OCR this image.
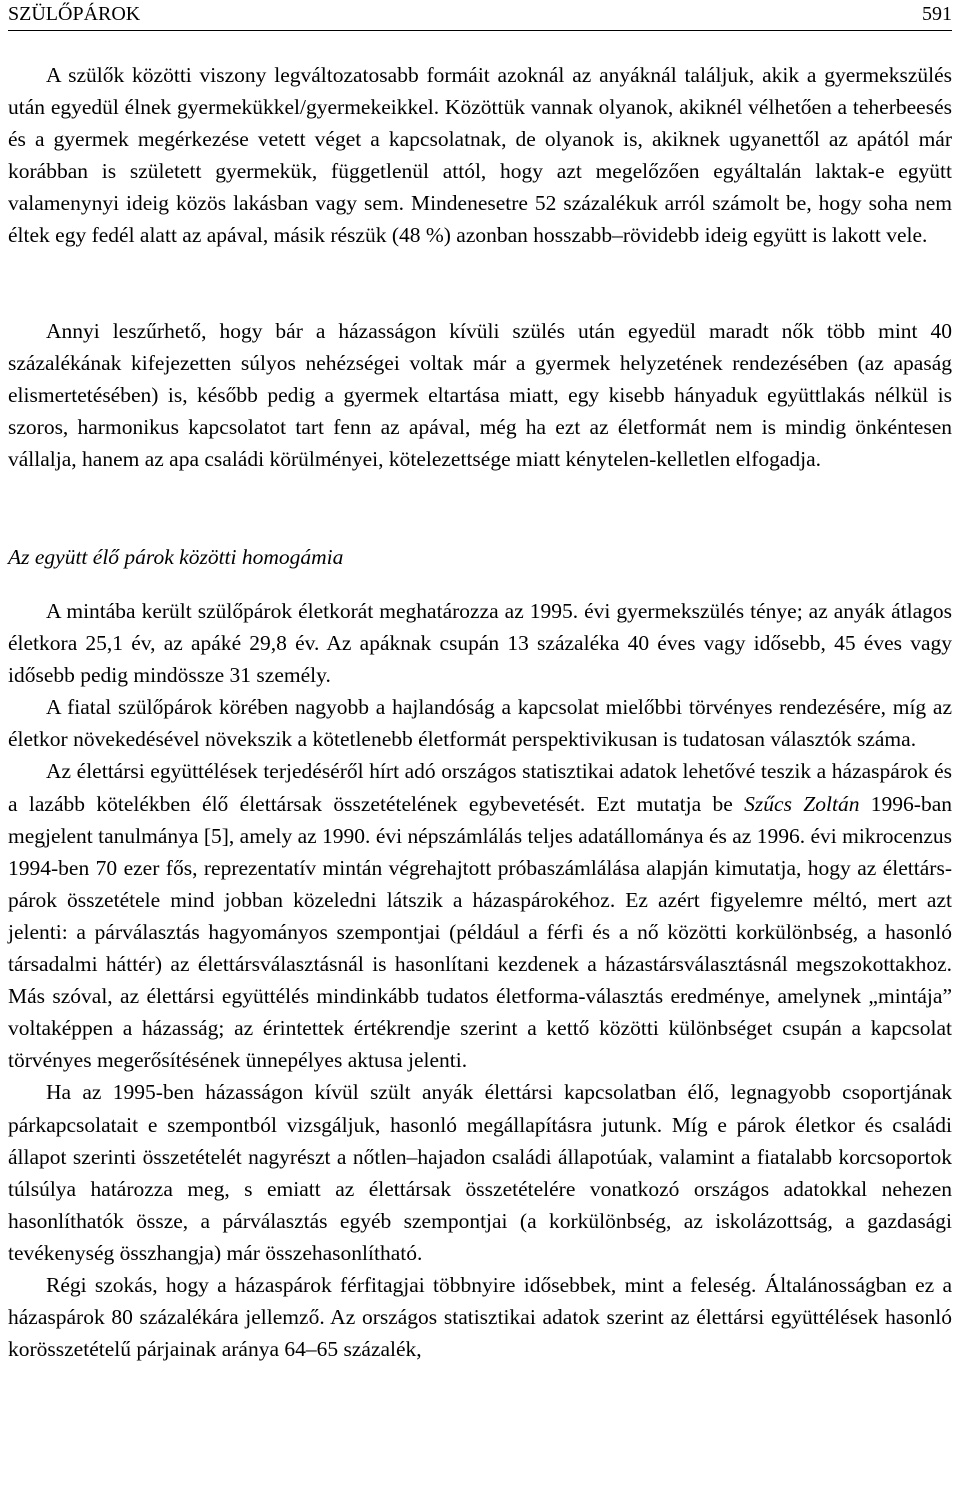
SZÜLŐPÁROK	591

A szülők közötti viszony legváltozatosabb formáit azoknál az anyáknál találjuk, akik a gyermekszülés után egyedül élnek gyermekükkel/gyermekeikkel. Közöttük vannak olyanok, akiknél vélhetően a teherbeesés és a gyermek megérkezése vetett véget a kapcsolatnak, de olyanok is, akiknek ugyanettől az apától már korábban is született gyermekük, függetlenül attól, hogy azt megelőzően egyáltalán laktak-e együtt valamenynyi ideig közös lakásban vagy sem. Mindenesetre 52 százalékuk arról számolt be, hogy soha nem éltek egy fedél alatt az apával, másik részük (48 %) azonban hosszabb–rövidebb ideig együtt is lakott vele.

Annyi leszűrhető, hogy bár a házasságon kívüli szülés után egyedül maradt nők több mint 40 százalékának kifejezetten súlyos nehézségei voltak már a gyermek helyzetének rendezésében (az apaság elismertetésében) is, később pedig a gyermek eltartása miatt, egy kisebb hányaduk együttlakás nélkül is szoros, harmonikus kapcsolatot tart fenn az apával, még ha ezt az életformát nem is mindig önkéntesen vállalja, hanem az apa családi körülményei, kötelezettsége miatt kénytelen-kelletlen elfogadja.

Az együtt élő párok közötti homogámia

A mintába került szülőpárok életkorát meghatározza az 1995. évi gyermekszülés ténye; az anyák átlagos életkora 25,1 év, az apáké 29,8 év. Az apáknak csupán 13 százaléka 40 éves vagy idősebb, 45 éves vagy idősebb pedig mindössze 31 személy.

A fiatal szülőpárok körében nagyobb a hajlandóság a kapcsolat mielőbbi törvényes rendezésére, míg az életkor növekedésével növekszik a kötetlenebb életformát perspektivikusan is tudatosan választók száma.

Az élettársi együttélések terjedéséről hírt adó országos statisztikai adatok lehetővé teszik a házaspárok és a lazább kötelékben élő élettársak összetételének egybevetését. Ezt mutatja be Szűcs Zoltán 1996-ban megjelent tanulmánya [5], amely az 1990. évi népszámlálás teljes adatállománya és az 1996. évi mikrocenzus 1994-ben 70 ezer fős, reprezentatív mintán végrehajtott próbaszámlálása alapján kimutatja, hogy az élettárspárok összetétele mind jobban közeledni látszik a házaspárokéhoz. Ez azért figyelemre méltó, mert azt jelenti: a párválasztás hagyományos szempontjai (például a férfi és a nő közötti korkülönbség, a hasonló társadalmi háttér) az élettársválasztásnál is hasonlítani kezdenek a házastársválasztásnál megszokottakhoz. Más szóval, az élettársi együttélés mindinkább tudatos életforma-választás eredménye, amelynek „mintája” voltaképpen a házasság; az érintettek értékrendje szerint a kettő közötti különbséget csupán a kapcsolat törvényes megerősítésének ünnepélyes aktusa jelenti.

Ha az 1995-ben házasságon kívül szült anyák élettársi kapcsolatban élő, legnagyobb csoportjának párkapcsolatait e szempontból vizsgáljuk, hasonló megállapításra jutunk. Míg e párok életkor és családi állapot szerinti összetételét nagyrészt a nőtlen–hajadon családi állapotúak, valamint a fiatalabb korcsoportok túlsúlya határozza meg, s emiatt az élettársak összetételére vonatkozó országos adatokkal nehezen hasonlíthatók össze, a párválasztás egyéb szempontjai (a korkülönbség, az iskolázottság, a gazdasági tevékenység összhangja) már összehasonlítható.

Régi szokás, hogy a házaspárok férfitagjai többnyire idősebbek, mint a feleség. Általánosságban ez a házaspárok 80 százalékára jellemző. Az országos statisztikai adatok szerint az élettársi együttélések hasonló korösszetételű párjainak aránya 64–65 százalék,
